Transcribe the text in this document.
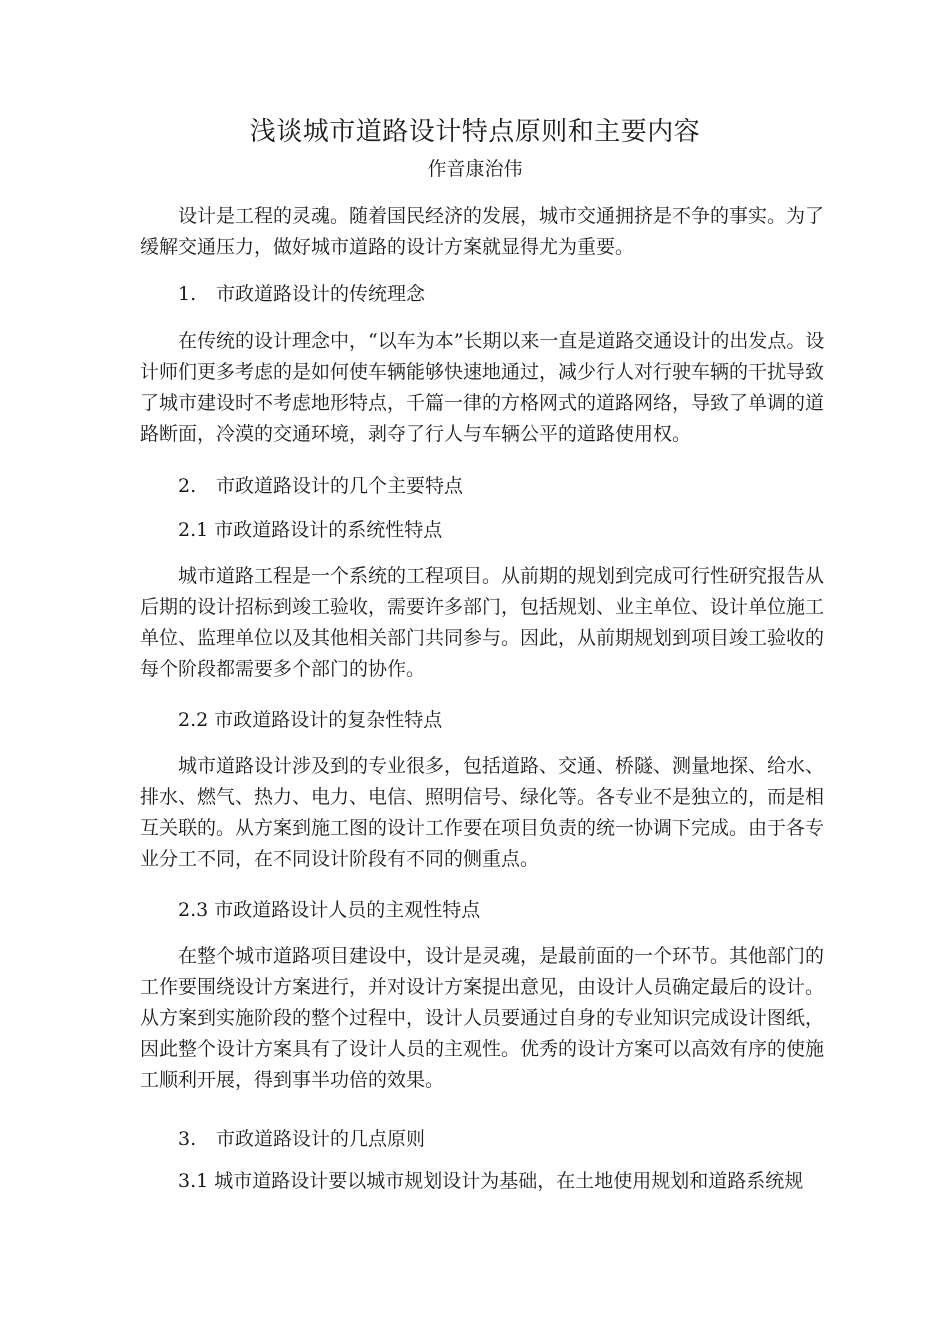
浅谈城市道路设计特点原则和主要内容
作音康治伟

设计是工程的灵魂。随着国民经济的发展，城市交通拥挤是不争的事实。为了缓解交通压力，做好城市道路的设计方案就显得尤为重要。

1. 市政道路设计的传统理念

在传统的设计理念中，“以车为本”长期以来一直是道路交通设计的出发点。设计师们更多考虑的是如何使车辆能够快速地通过，减少行人对行驶车辆的干扰导致了城市建设时不考虑地形特点，千篇一律的方格网式的道路网络，导致了单调的道路断面，冷漠的交通环境，剥夺了行人与车辆公平的道路使用权。

2. 市政道路设计的几个主要特点
2.1 市政道路设计的系统性特点

城市道路工程是一个系统的工程项目。从前期的规划到完成可行性研究报告从后期的设计招标到竣工验收，需要许多部门，包括规划、业主单位、设计单位施工单位、监理单位以及其他相关部门共同参与。因此，从前期规划到项目竣工验收的每个阶段都需要多个部门的协作。

2.2 市政道路设计的复杂性特点

城市道路设计涉及到的专业很多，包括道路、交通、桥隧、测量地探、给水、排水、燃气、热力、电力、电信、照明信号、绿化等。各专业不是独立的，而是相互关联的。从方案到施工图的设计工作要在项目负责的统一协调下完成。由于各专业分工不同，在不同设计阶段有不同的侧重点。

2.3 市政道路设计人员的主观性特点

在整个城市道路项目建设中，设计是灵魂，是最前面的一个环节。其他部门的工作要围绕设计方案进行，并对设计方案提出意见，由设计人员确定最后的设计。从方案到实施阶段的整个过程中，设计人员要通过自身的专业知识完成设计图纸，因此整个设计方案具有了设计人员的主观性。优秀的设计方案可以高效有序的使施工顺利开展，得到事半功倍的效果。

3. 市政道路设计的几点原则
3.1 城市道路设计要以城市规划设计为基础，在土地使用规划和道路系统规
